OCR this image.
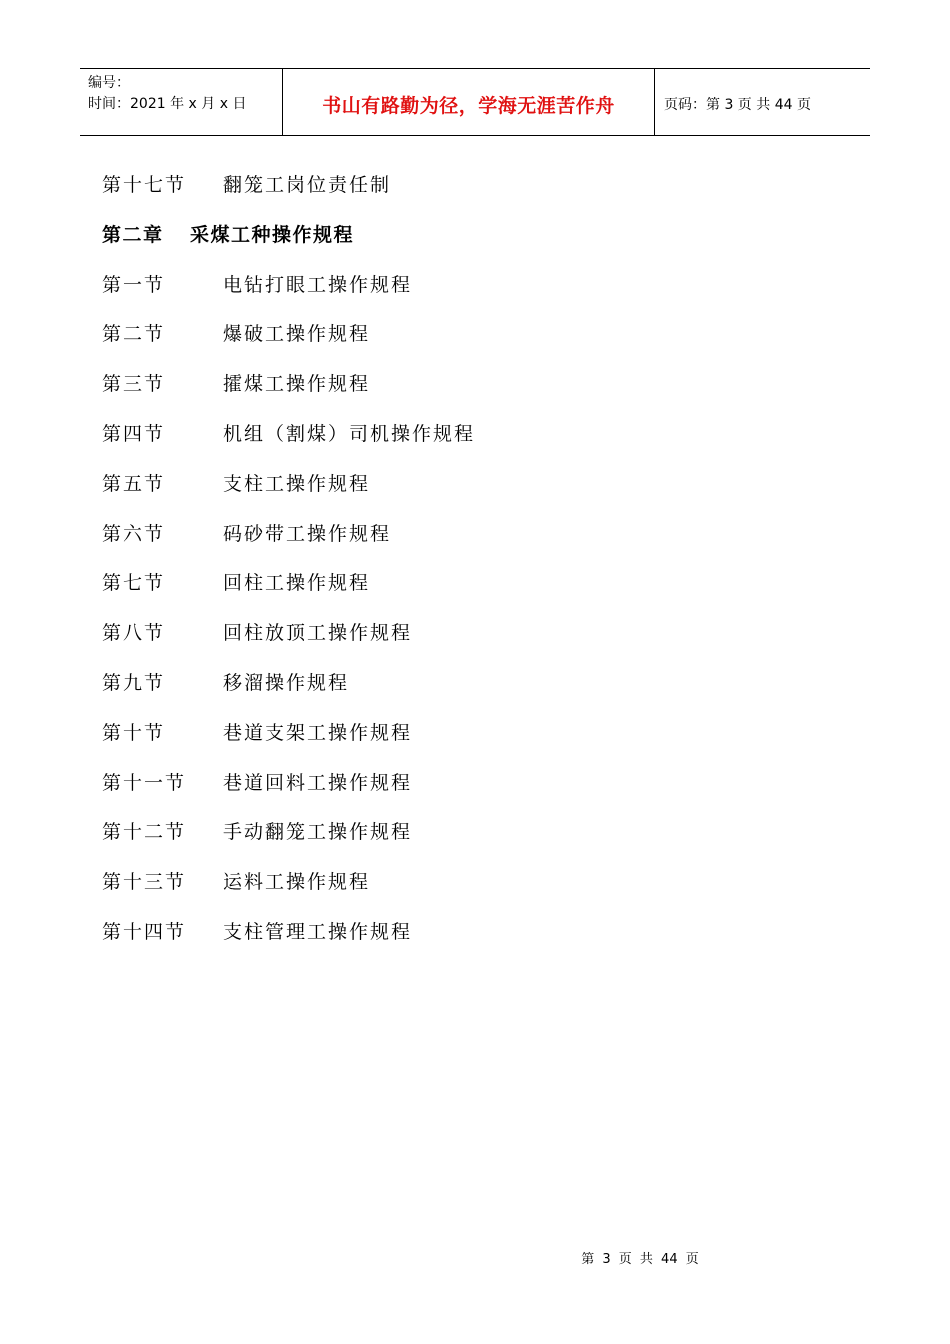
编号：
时间：2021 年 x 月 x 日	书山有路勤为径，学海无涯苦作舟	页码：第 3 页 共 44 页
第十七节	翻笼工岗位责任制
第二章	采煤工种操作规程
第一节	电钻打眼工操作规程
第二节	爆破工操作规程
第三节	攉煤工操作规程
第四节	机组（割煤）司机操作规程
第五节	支柱工操作规程
第六节	码砂带工操作规程
第七节	回柱工操作规程
第八节	回柱放顶工操作规程
第九节	移溜操作规程
第十节	巷道支架工操作规程
第十一节	巷道回料工操作规程
第十二节	手动翻笼工操作规程
第十三节	运料工操作规程
第十四节	支柱管理工操作规程
第 3 页 共 44 页
